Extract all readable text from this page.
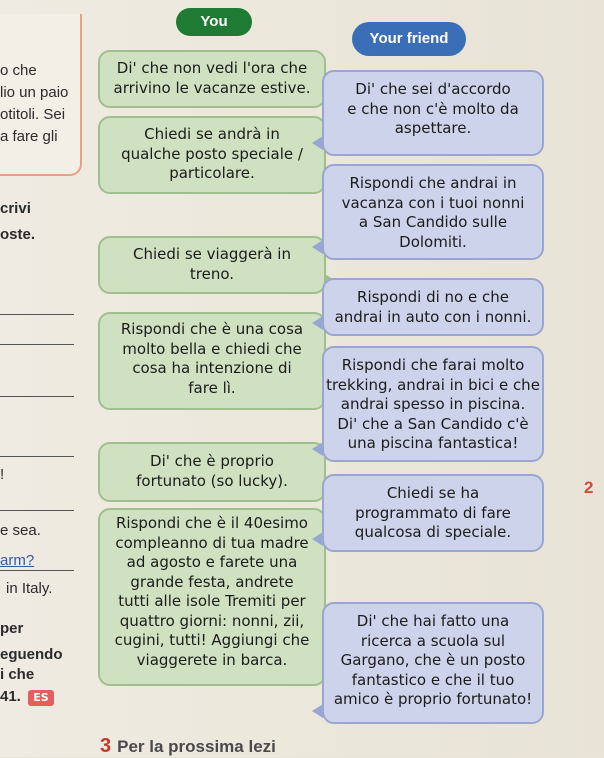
o che
lio un paio
otitoli. Sei
a fare gli
crivi
oste.
!
e sea.
arm?
in Italy.
per
eguendo
i che
41.	ES
You
Your friend
Di' che non vedi l'ora che
arrivino le vacanze estive.
Chiedi se andrà in
qualche posto speciale /
particolare.
Chiedi se viaggerà in
treno.
Rispondi che è una cosa
molto bella e chiedi che
cosa ha intenzione di
fare lì.
Di' che è proprio
fortunato (so lucky).
Rispondi che è il 40esimo
compleanno di tua madre
ad agosto e farete una
grande festa, andrete
tutti alle isole Tremiti per
quattro giorni: nonni, zii,
cugini, tutti! Aggiungi che
viaggerete in barca.
Di' che sei d'accordo
e che non c'è molto da
aspettare.
Rispondi che andrai in
vacanza con i tuoi nonni
a San Candido sulle
Dolomiti.
Rispondi di no e che
andrai in auto con i nonni.
Rispondi che farai molto
trekking, andrai in bici e che
andrai spesso in piscina.
Di' che a San Candido c'è
una piscina fantastica!
Chiedi se ha
programmato di fare
qualcosa di speciale.
Di' che hai fatto una
ricerca a scuola sul
Gargano, che è un posto
fantastico e che il tuo
amico è proprio fortunato!
2
3 Per la prossima lezi
